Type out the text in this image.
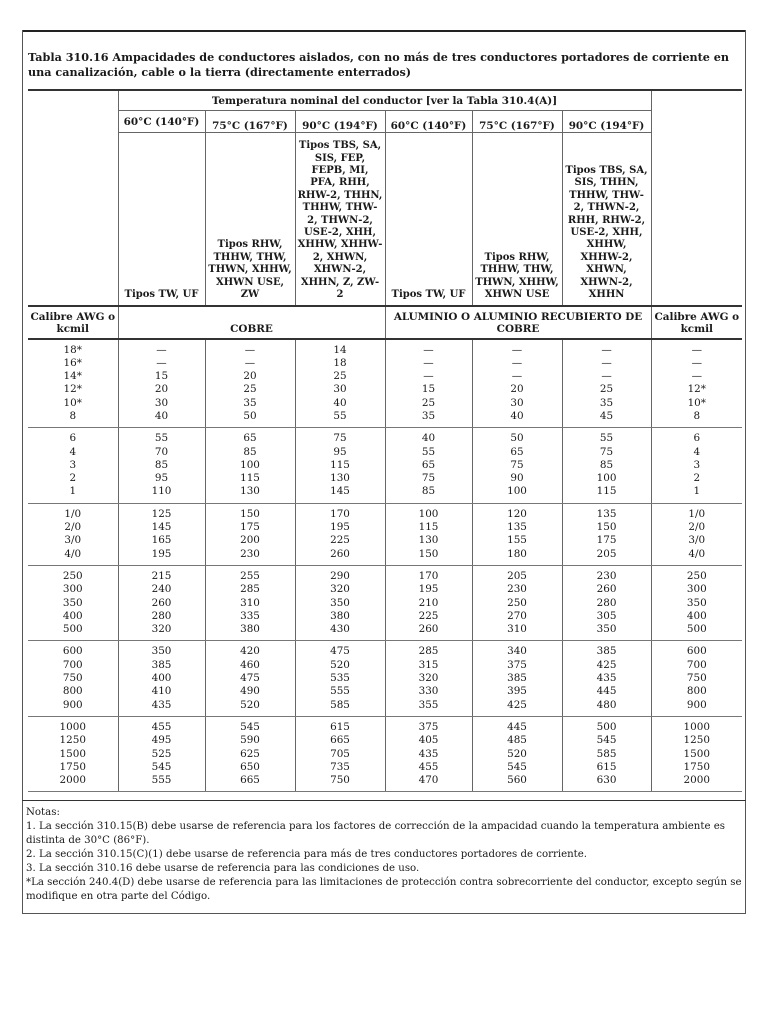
Tabla 310.16 Ampacidades de conductores aislados, con no más de tres conductores portadores de corriente en una canalización, cable o la tierra (directamente enterrados)

	Temperatura nominal del conductor [ver la Tabla 310.4(A)]						
	60°C (140°F)	75°C (167°F)	90°C (194°F)	60°C (140°F)	75°C (167°F)	90°C (194°F)	
	Tipos TW, UF	Tipos RHW, THHW, THW, THWN, XHHW, XHWN USE, ZW	Tipos TBS, SA, SIS, FEP, FEPB, MI, PFA, RHH, RHW-2, THHN, THHW, THW-2, THWN-2, USE-2, XHH, XHHW, XHHW-2, XHWN, XHWN-2, XHHN, Z, ZW-2	Tipos TW, UF	Tipos RHW, THHW, THW, THWN, XHHW, XHWN USE	Tipos TBS, SA, SIS, THHN, THHW, THW-2, THWN-2, RHH, RHW-2, USE-2, XHH, XHHW, XHHW-2, XHWN, XHWN-2, XHHN	
Calibre AWG o kcmil	COBRE			ALUMINIO O ALUMINIO RECUBIERTO DE COBRE			Calibre AWG o kcmil
18*	—	—	14	—	—	—	—
16*	—	—	18	—	—	—	—
14*	15	20	25	—	—	—	—
12*	20	25	30	15	20	25	12*
10*	30	35	40	25	30	35	10*
8	40	50	55	35	40	45	8
6	55	65	75	40	50	55	6
4	70	85	95	55	65	75	4
3	85	100	115	65	75	85	3
2	95	115	130	75	90	100	2
1	110	130	145	85	100	115	1
1/0	125	150	170	100	120	135	1/0
2/0	145	175	195	115	135	150	2/0
3/0	165	200	225	130	155	175	3/0
4/0	195	230	260	150	180	205	4/0
250	215	255	290	170	205	230	250
300	240	285	320	195	230	260	300
350	260	310	350	210	250	280	350
400	280	335	380	225	270	305	400
500	320	380	430	260	310	350	500
600	350	420	475	285	340	385	600
700	385	460	520	315	375	425	700
750	400	475	535	320	385	435	750
800	410	490	555	330	395	445	800
900	435	520	585	355	425	480	900
1000	455	545	615	375	445	500	1000
1250	495	590	665	405	485	545	1250
1500	525	625	705	435	520	585	1500
1750	545	650	735	455	545	615	1750
2000	555	665	750	470	560	630	2000

Notas:

1. La sección 310.15(B) debe usarse de referencia para los factores de corrección de la ampacidad cuando la temperatura ambiente es distinta de 30°C (86°F).

2. La sección 310.15(C)(1) debe usarse de referencia para más de tres conductores portadores de corriente.

3. La sección 310.16 debe usarse de referencia para las condiciones de uso.

*La sección 240.4(D) debe usarse de referencia para las limitaciones de protección contra sobrecorriente del conductor, excepto según se modifique en otra parte del Código.
